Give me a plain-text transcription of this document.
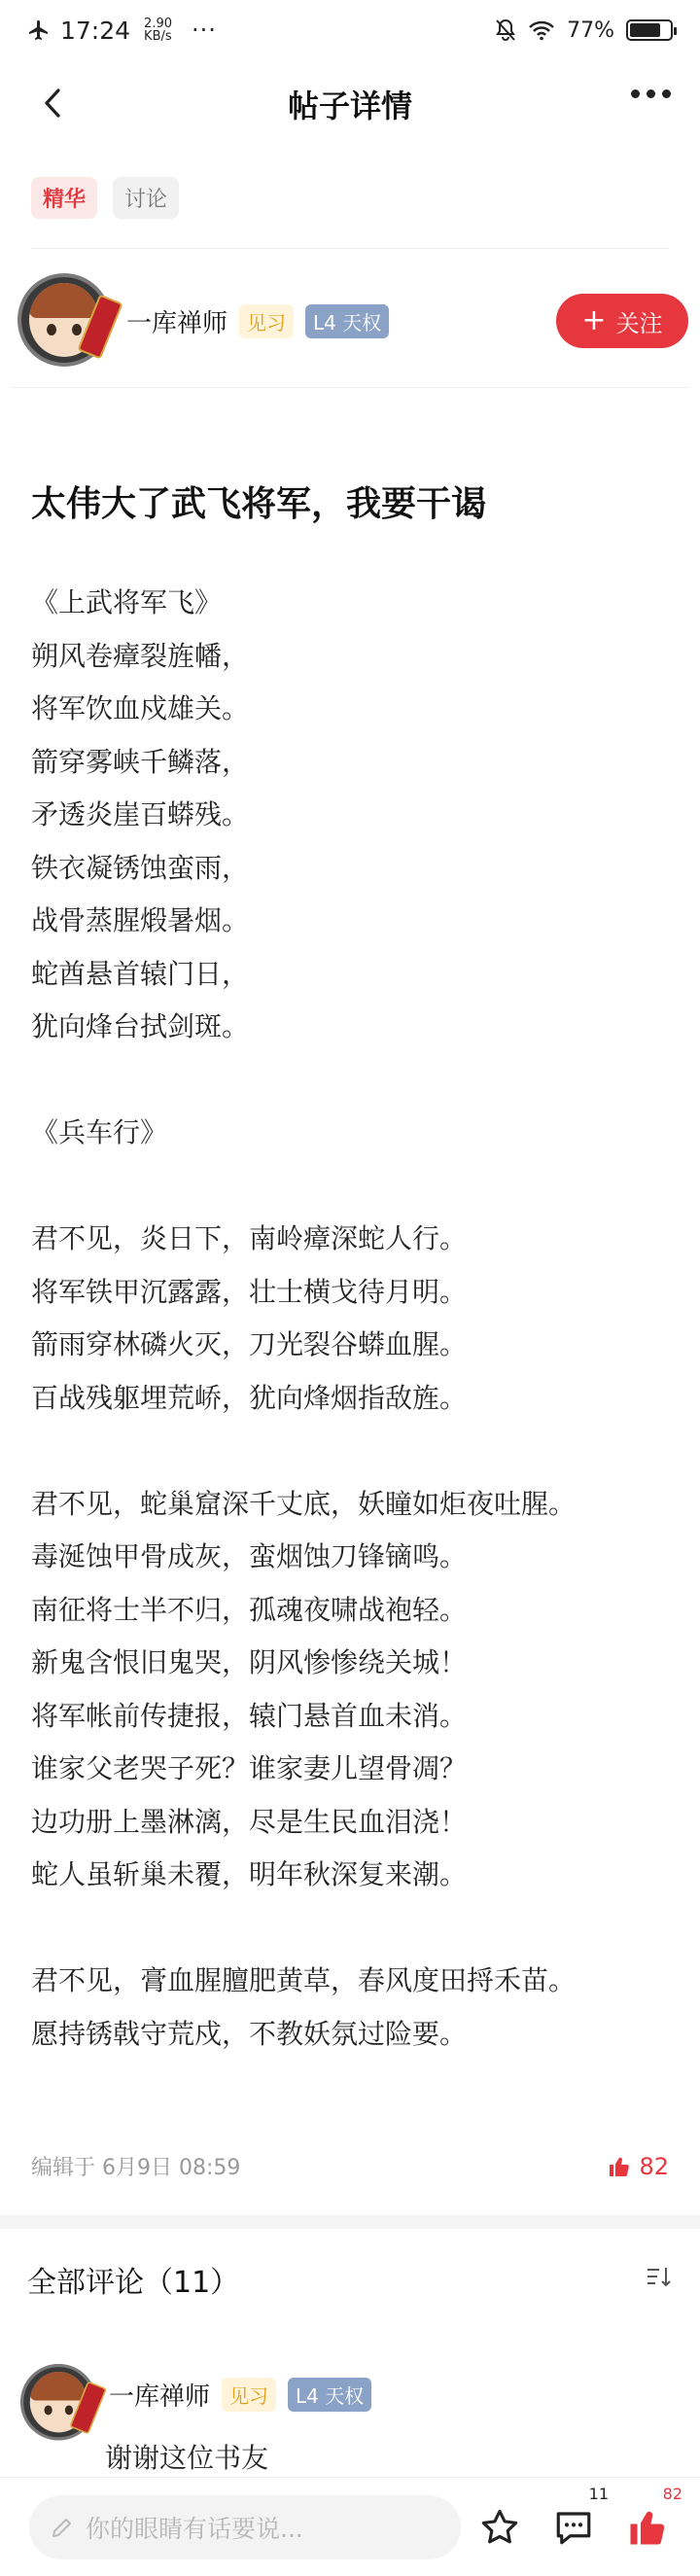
17:24 2.90
KB/s ···	77%
帖子详情
精华	讨论
一库禅师	见习	L4 天权	+ 关注
太伟大了武飞将军，我要干谒
《上武将军飞》
朔风卷瘴裂旌幡，
将军饮血戍雄关。
箭穿雾峡千鳞落，
矛透炎崖百蟒残。
铁衣凝锈蚀蛮雨，
战骨蒸腥煅暑烟。
蛇酋悬首辕门日，
犹向烽台拭剑斑。
《兵车行》
君不见，炎日下，南岭瘴深蛇人行。
将军铁甲沉露露，壮士横戈待月明。
箭雨穿林磷火灭，刀光裂谷蟒血腥。
百战残躯埋荒峤，犹向烽烟指敌旌。
君不见，蛇巢窟深千丈底，妖瞳如炬夜吐腥。
毒涎蚀甲骨成灰，蛮烟蚀刀锋镝鸣。
南征将士半不归，孤魂夜啸战袍轻。
新鬼含恨旧鬼哭，阴风惨惨绕关城！
将军帐前传捷报，辕门悬首血未消。
谁家父老哭子死？谁家妻儿望骨凋？
边功册上墨淋漓，尽是生民血泪浇！
蛇人虽斩巢未覆，明年秋深复来潮。
君不见，膏血腥膻肥黄草，春风度田捋禾苗。
愿持锈戟守荒戍，不教妖氛过险要。
编辑于 6月9日 08:59	82
全部评论（11）
一库禅师	见习	L4 天权
谢谢这位书友
你的眼睛有话要说...
11	82
